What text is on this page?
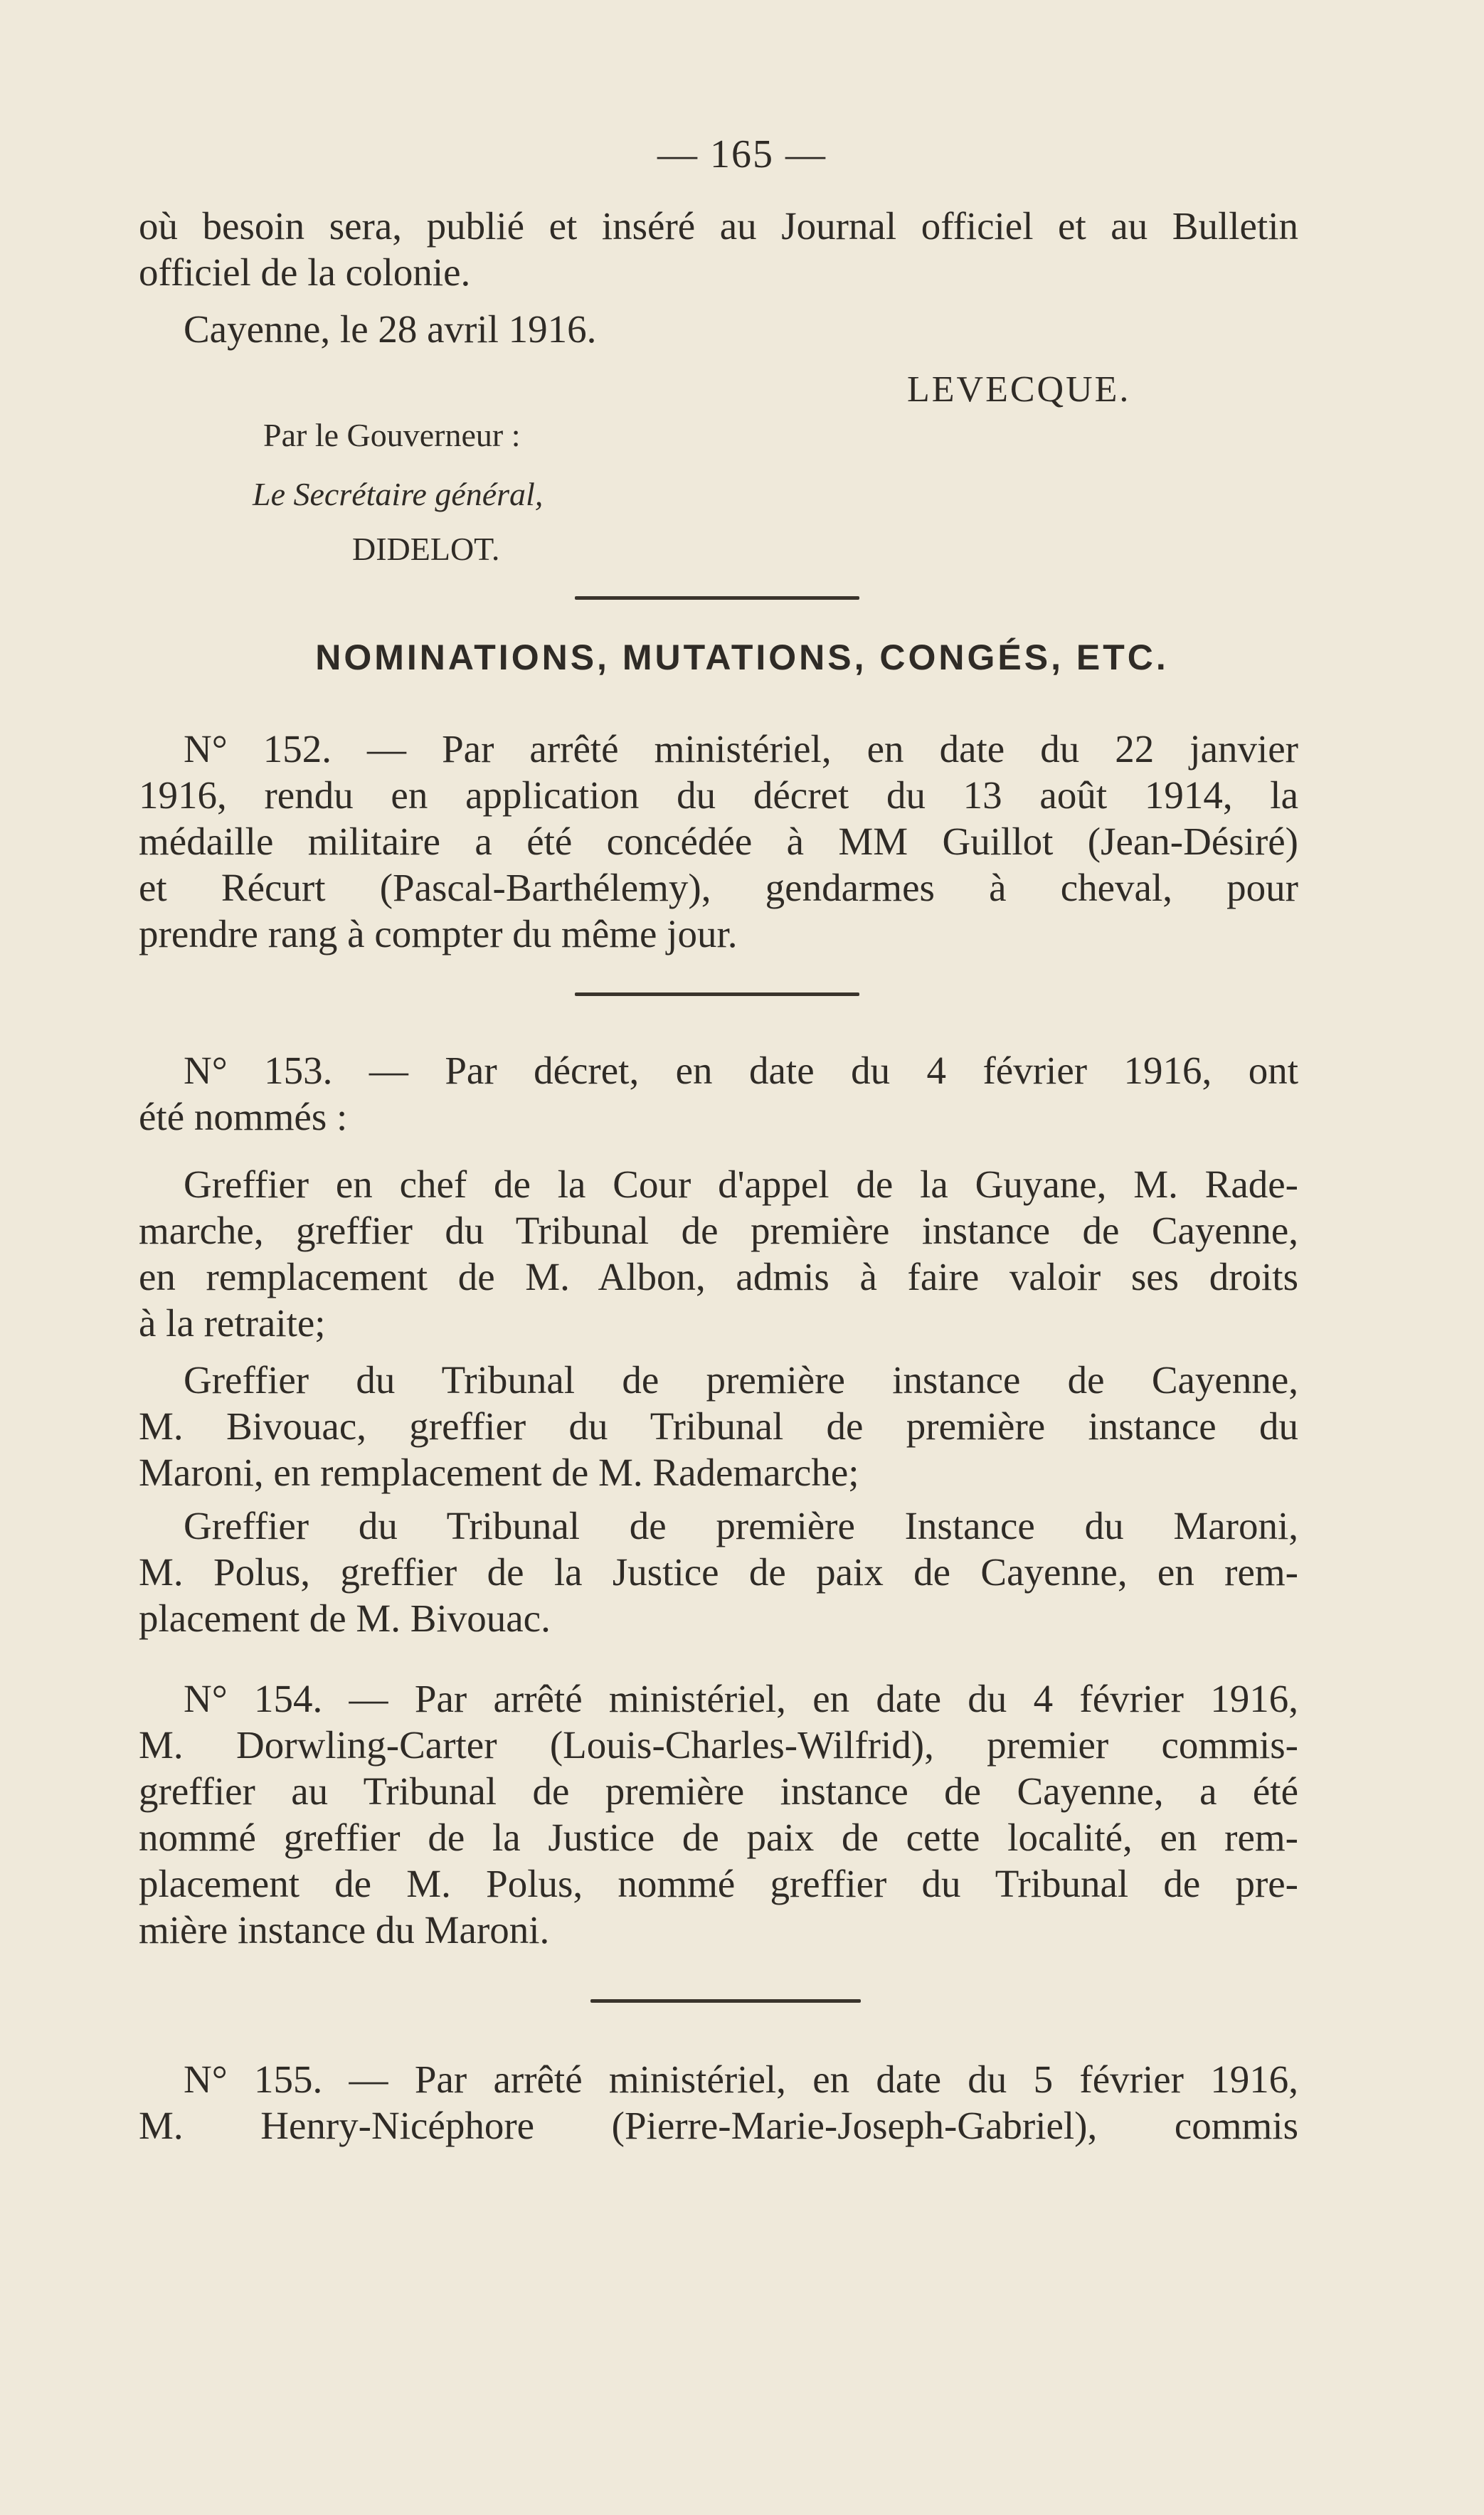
— 165 —
où besoin sera, publié et inséré au Journal officiel et au Bulletin
officiel de la colonie.
Cayenne, le 28 avril 1916.
LEVECQUE.
Par le Gouverneur :
Le Secrétaire général,
DIDELOT.
NOMINATIONS, MUTATIONS, CONGÉS, ETC.
N° 152. — Par arrêté ministériel, en date du 22 janvier
1916, rendu en application du décret du 13 août 1914, la
médaille militaire a été concédée à MM Guillot (Jean-Désiré)
et Récurt (Pascal-Barthélemy), gendarmes à cheval, pour
prendre rang à compter du même jour.
N° 153. — Par décret, en date du 4 février 1916, ont
été nommés :
Greffier en chef de la Cour d'appel de la Guyane, M. Rade-
marche, greffier du Tribunal de première instance de Cayenne,
en remplacement de M. Albon, admis à faire valoir ses droits
à la retraite;
Greffier du Tribunal de première instance de Cayenne,
M. Bivouac, greffier du Tribunal de première instance du
Maroni, en remplacement de M. Rademarche;
Greffier du Tribunal de première Instance du Maroni,
M. Polus, greffier de la Justice de paix de Cayenne, en rem-
placement de M. Bivouac.
N° 154. — Par arrêté ministériel, en date du 4 février 1916,
M. Dorwling-Carter (Louis-Charles-Wilfrid), premier commis-
greffier au Tribunal de première instance de Cayenne, a été
nommé greffier de la Justice de paix de cette localité, en rem-
placement de M. Polus, nommé greffier du Tribunal de pre-
mière instance du Maroni.
N° 155. — Par arrêté ministériel, en date du 5 février 1916,
M. Henry-Nicéphore (Pierre-Marie-Joseph-Gabriel), commis
